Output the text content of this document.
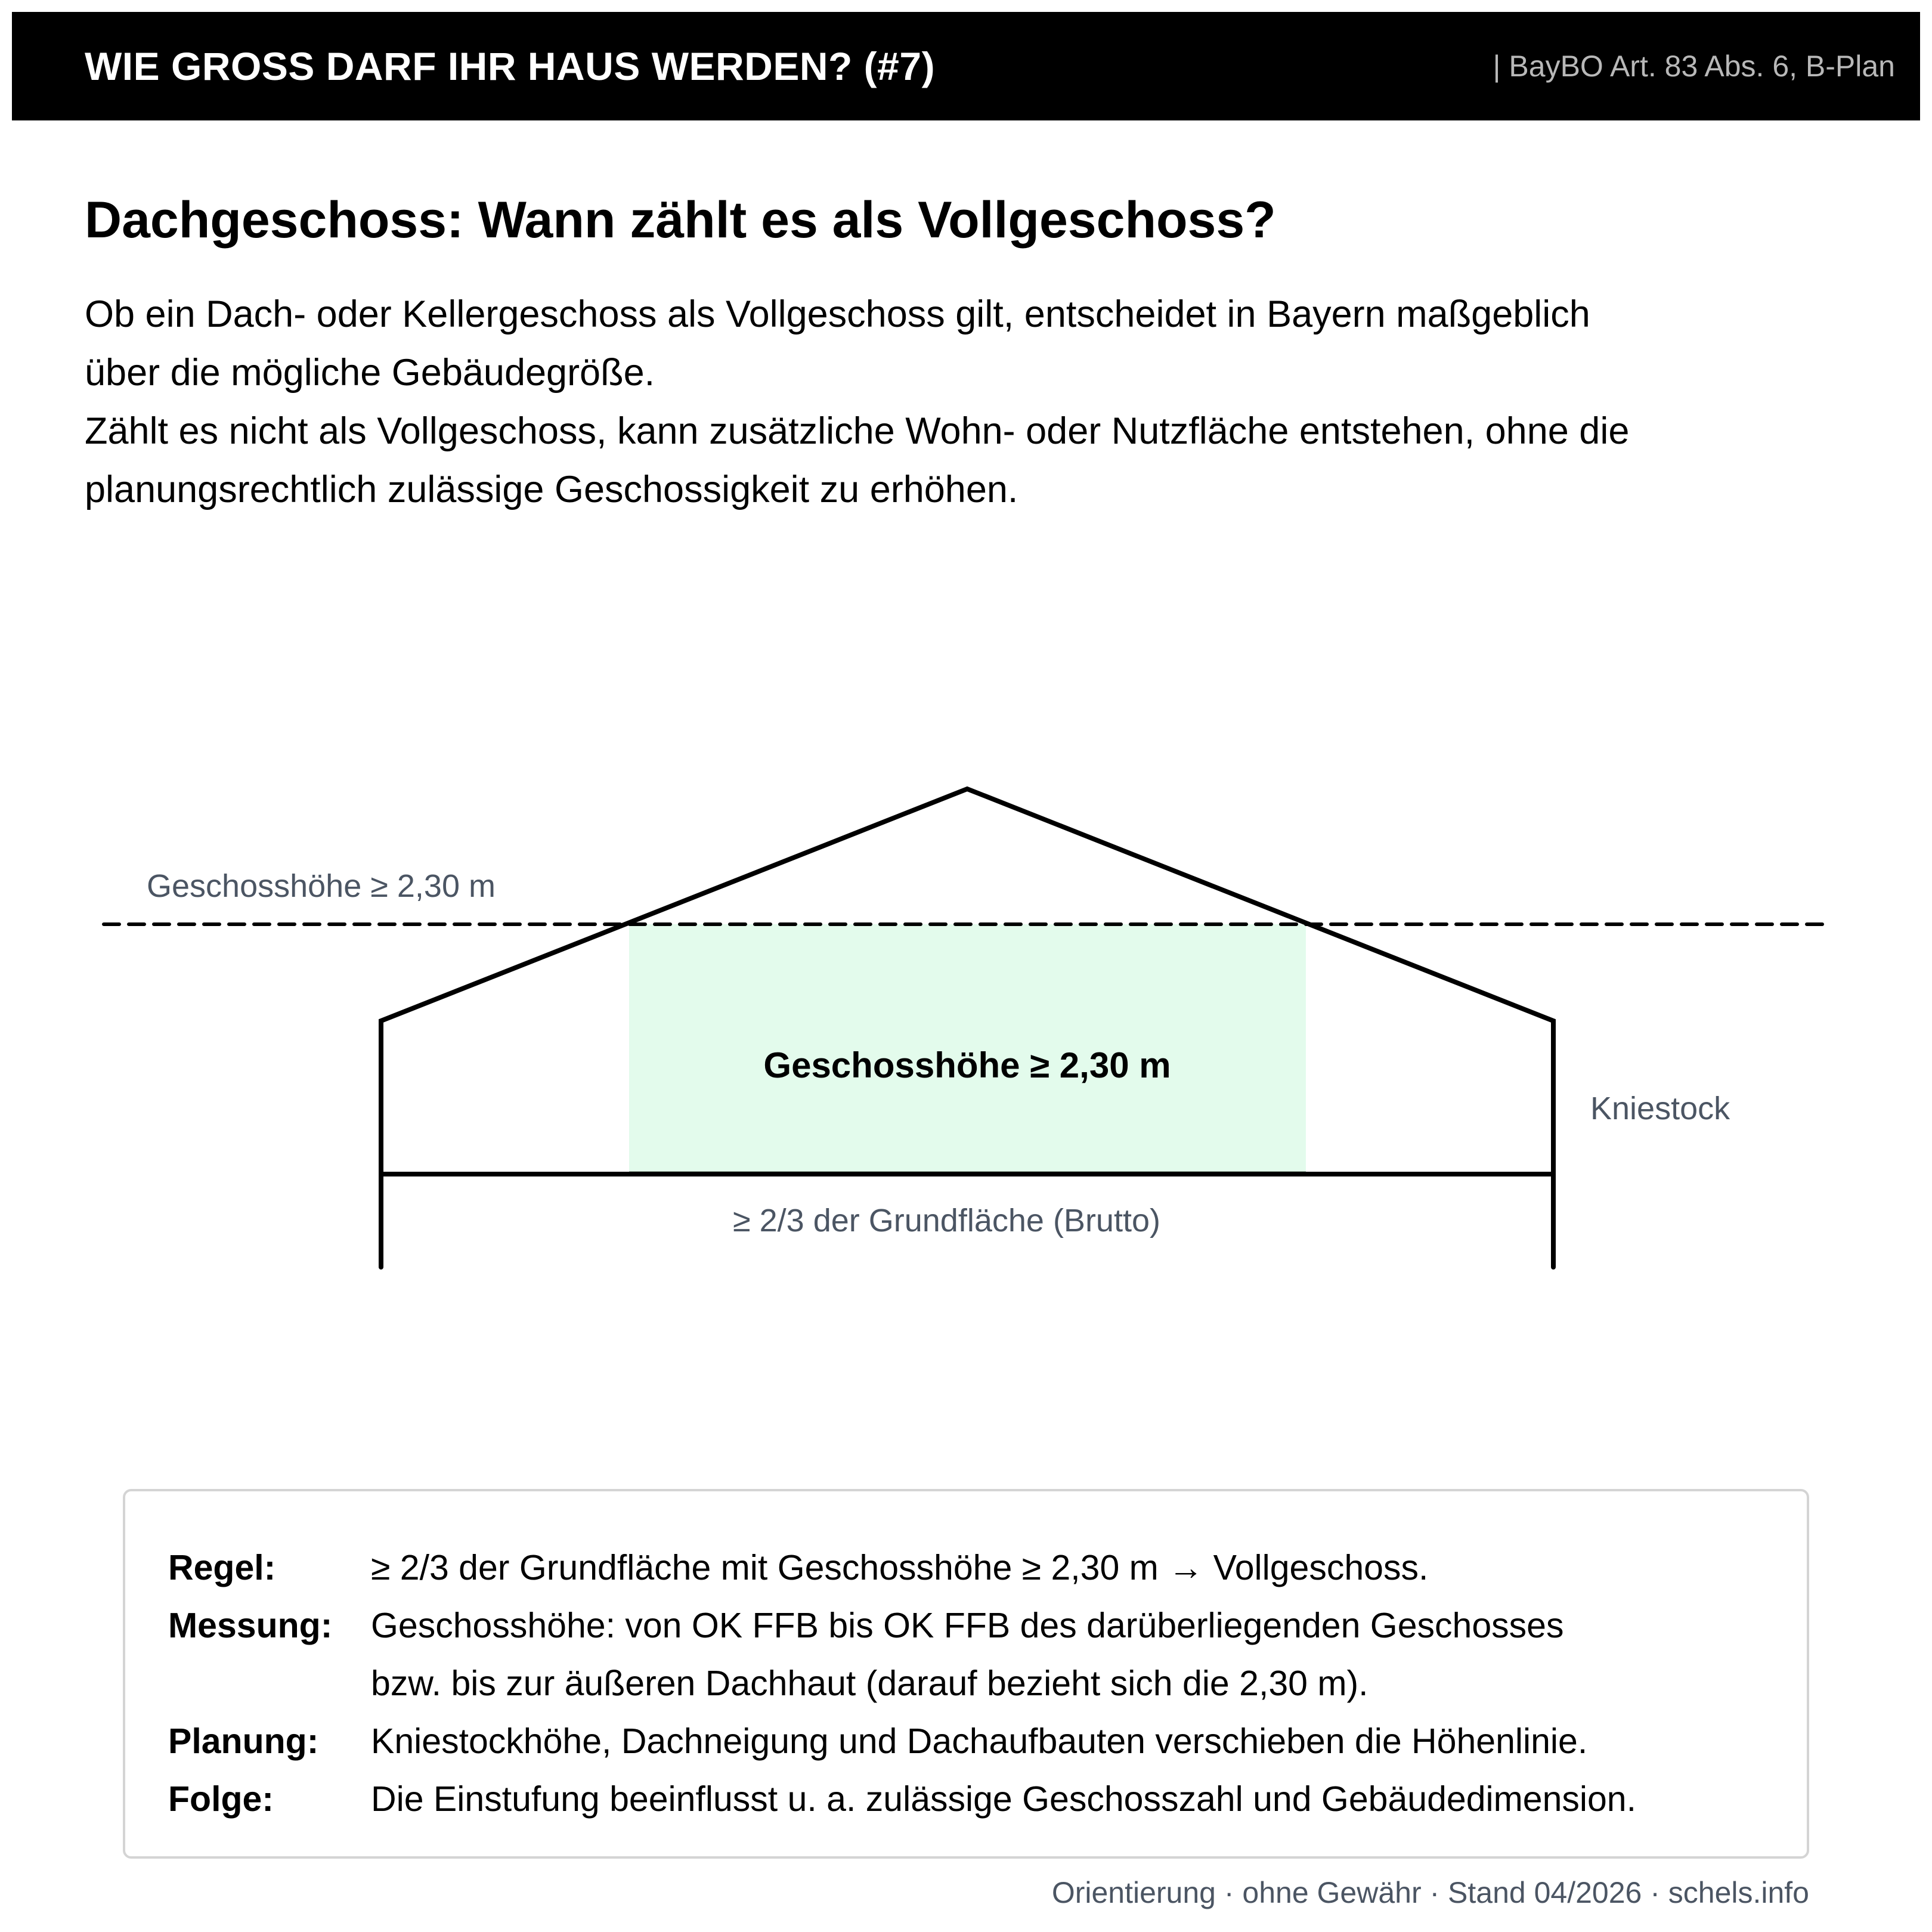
WIE GROSS DARF IHR HAUS WERDEN? (#7)	| BayBO Art. 83 Abs. 6, B-Plan
Dachgeschoss: Wann zählt es als Vollgeschoss?

Ob ein Dach- oder Kellergeschoss als Vollgeschoss gilt, entscheidet in Bayern maßgeblich

über die mögliche Gebäudegröße.

Zählt es nicht als Vollgeschoss, kann zusätzliche Wohn- oder Nutzfläche entstehen, ohne die

planungsrechtlich zulässige Geschossigkeit zu erhöhen.

Geschosshöhe ≥ 2,30 m
Geschosshöhe ≥ 2,30 m
Kniestock
≥ 2/3 der Grundfläche (Brutto)
Regel:	≥ 2/3 der Grundfläche mit Geschosshöhe ≥ 2,30 m → Vollgeschoss.
Messung:	Geschosshöhe: von OK FFB bis OK FFB des darüberliegenden Geschosses
bzw. bis zur äußeren Dachhaut (darauf bezieht sich die 2,30 m).
Planung:	Kniestockhöhe, Dachneigung und Dachaufbauten verschieben die Höhenlinie.
Folge:	Die Einstufung beeinflusst u. a. zulässige Geschosszahl und Gebäudedimension.
Orientierung · ohne Gewähr · Stand 04/2026 · schels.info
